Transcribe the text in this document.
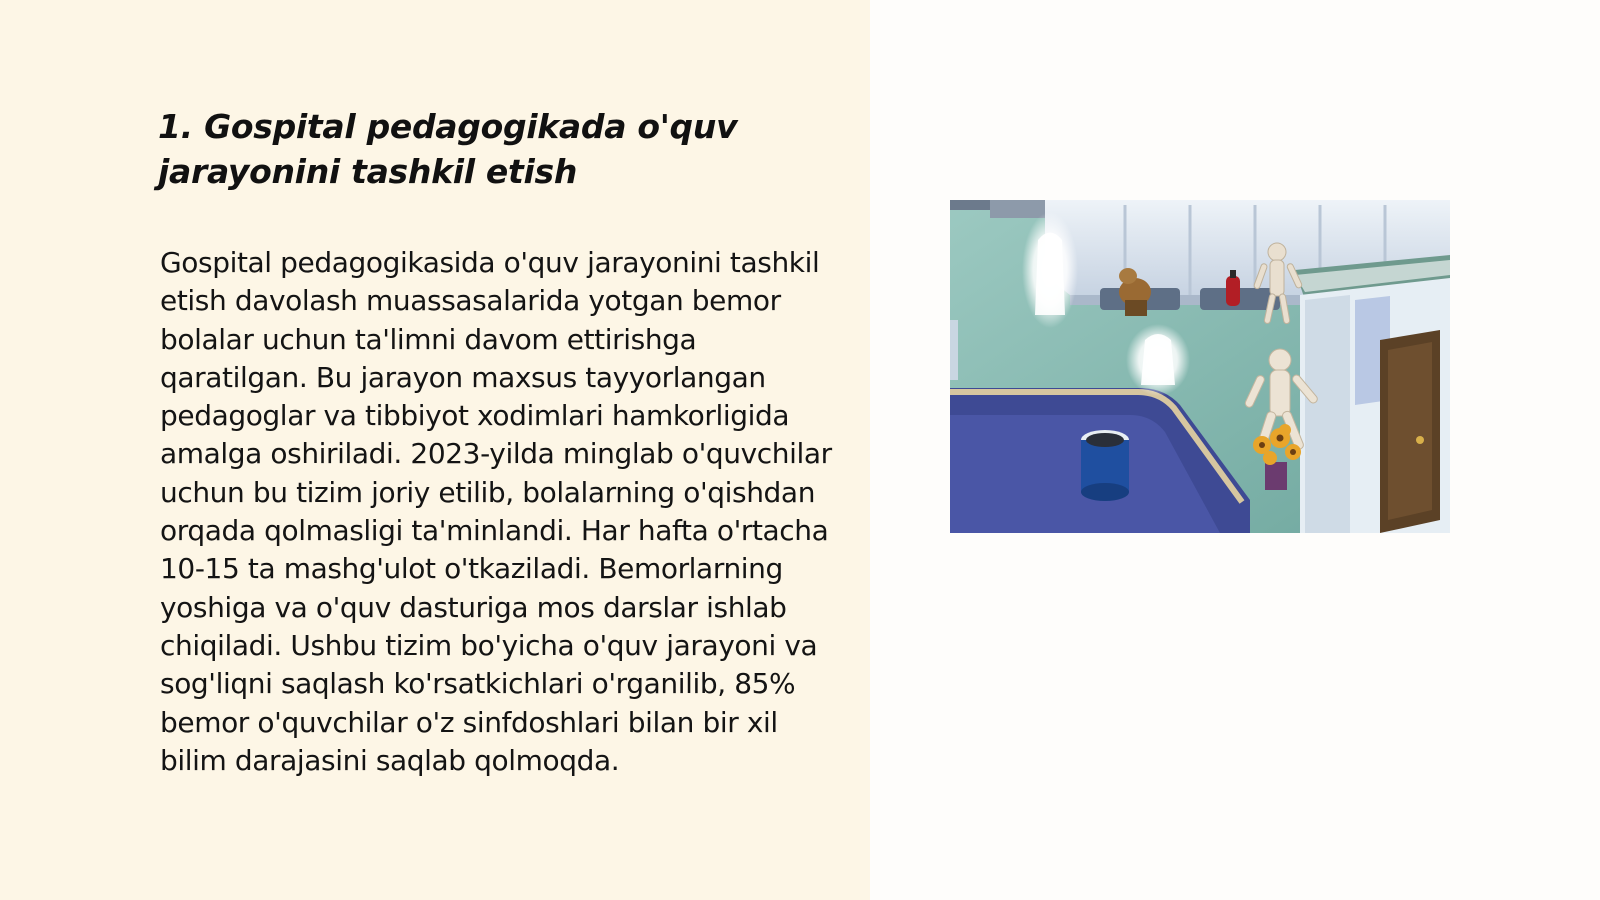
1. Gospital pedagogikada o'quv jarayonini tashkil etish

Gospital pedagogikasida o'quv jarayonini tashkil etish davolash muassasalarida yotgan bemor bolalar uchun ta'limni davom ettirishga qaratilgan. Bu jarayon maxsus tayyorlangan pedagoglar va tibbiyot xodimlari hamkorligida amalga oshiriladi. 2023-yilda minglab o'quvchilar uchun bu tizim joriy etilib, bolalarning o'qishdan orqada qolmasligi ta'minlandi. Har hafta o'rtacha 10-15 ta mashg'ulot o'tkaziladi. Bemorlarning yoshiga va o'quv dasturiga mos darslar ishlab chiqiladi. Ushbu tizim bo'yicha o'quv jarayoni va sog'liqni saqlash ko'rsatkichlari o'rganilib, 85% bemor o'quvchilar o'z sinfdoshlari bilan bir xil bilim darajasini saqlab qolmoqda.
